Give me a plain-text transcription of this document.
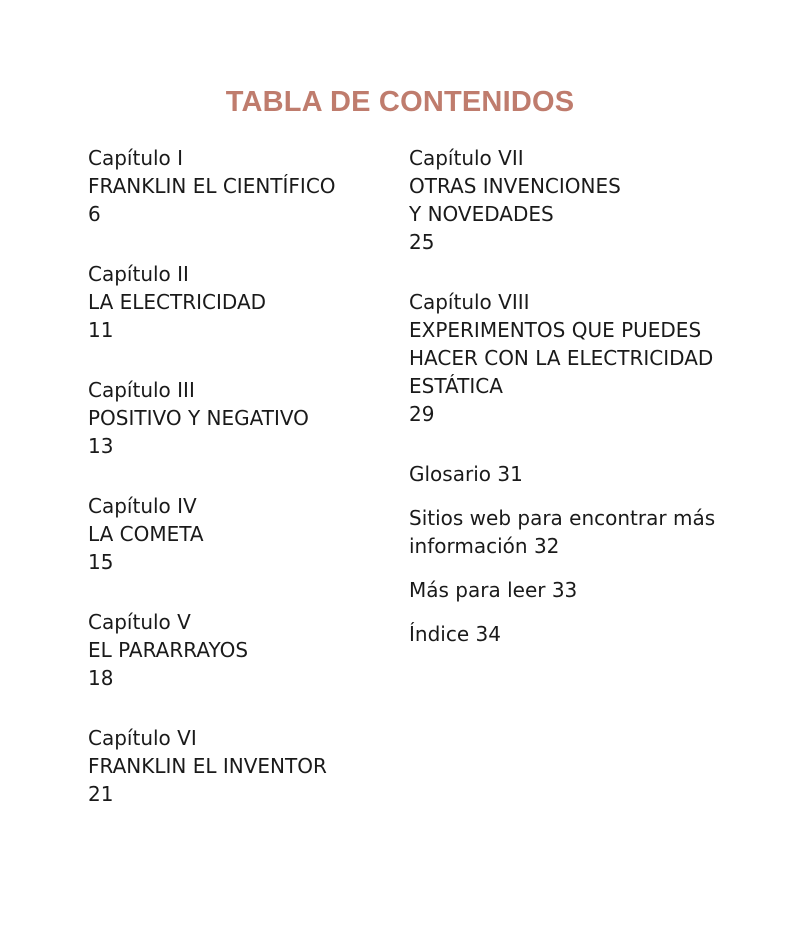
TABLA DE CONTENIDOS
Capítulo I
FRANKLIN EL CIENTÍFICO
6
Capítulo II
LA ELECTRICIDAD
11
Capítulo III
POSITIVO Y NEGATIVO
13
Capítulo IV
LA COMETA
15
Capítulo V
EL PARARRAYOS
18
Capítulo VI
FRANKLIN EL INVENTOR
21
Capítulo VII
OTRAS INVENCIONES
Y NOVEDADES
25
Capítulo VIII
EXPERIMENTOS QUE PUEDES
HACER CON LA ELECTRICIDAD
ESTÁTICA
29
Glosario 31
Sitios web para encontrar más
información 32
Más para leer 33
Índice 34
